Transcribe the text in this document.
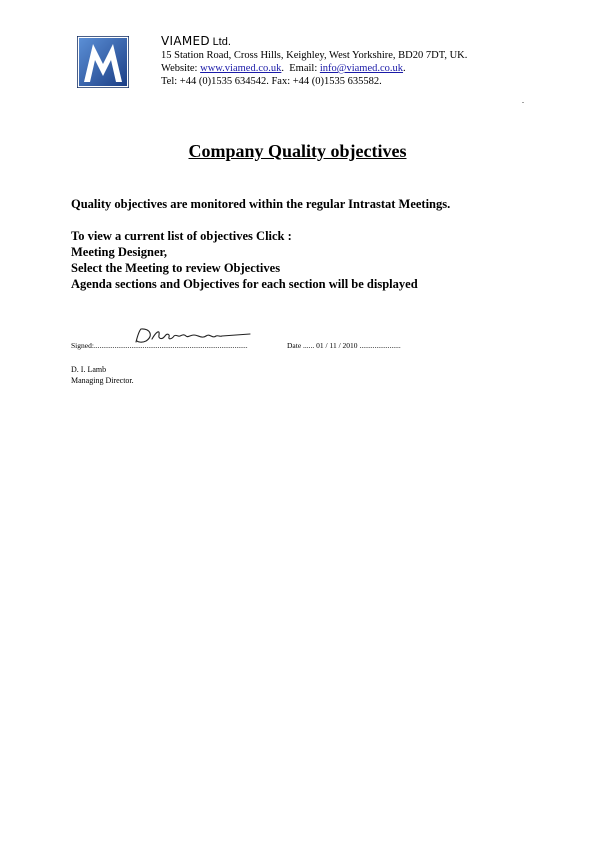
VIAMED Ltd.
15 Station Road, Cross Hills, Keighley, West Yorkshire, BD20 7DT, UK.
Website: www.viamed.co.uk.  Email: info@viamed.co.uk.
Tel: +44 (0)1535 634542. Fax: +44 (0)1535 635582.
.
Company Quality objectives
Quality objectives are monitored within the regular Intrastat Meetings.
To view a current list of objectives Click :
Meeting Designer,
Select the Meeting to review Objectives
Agenda sections and Objectives for each section will be displayed
Signed:..................................................................................	Date ...... 01 / 11 / 2010 ......................
D. I. Lamb
Managing Director.
